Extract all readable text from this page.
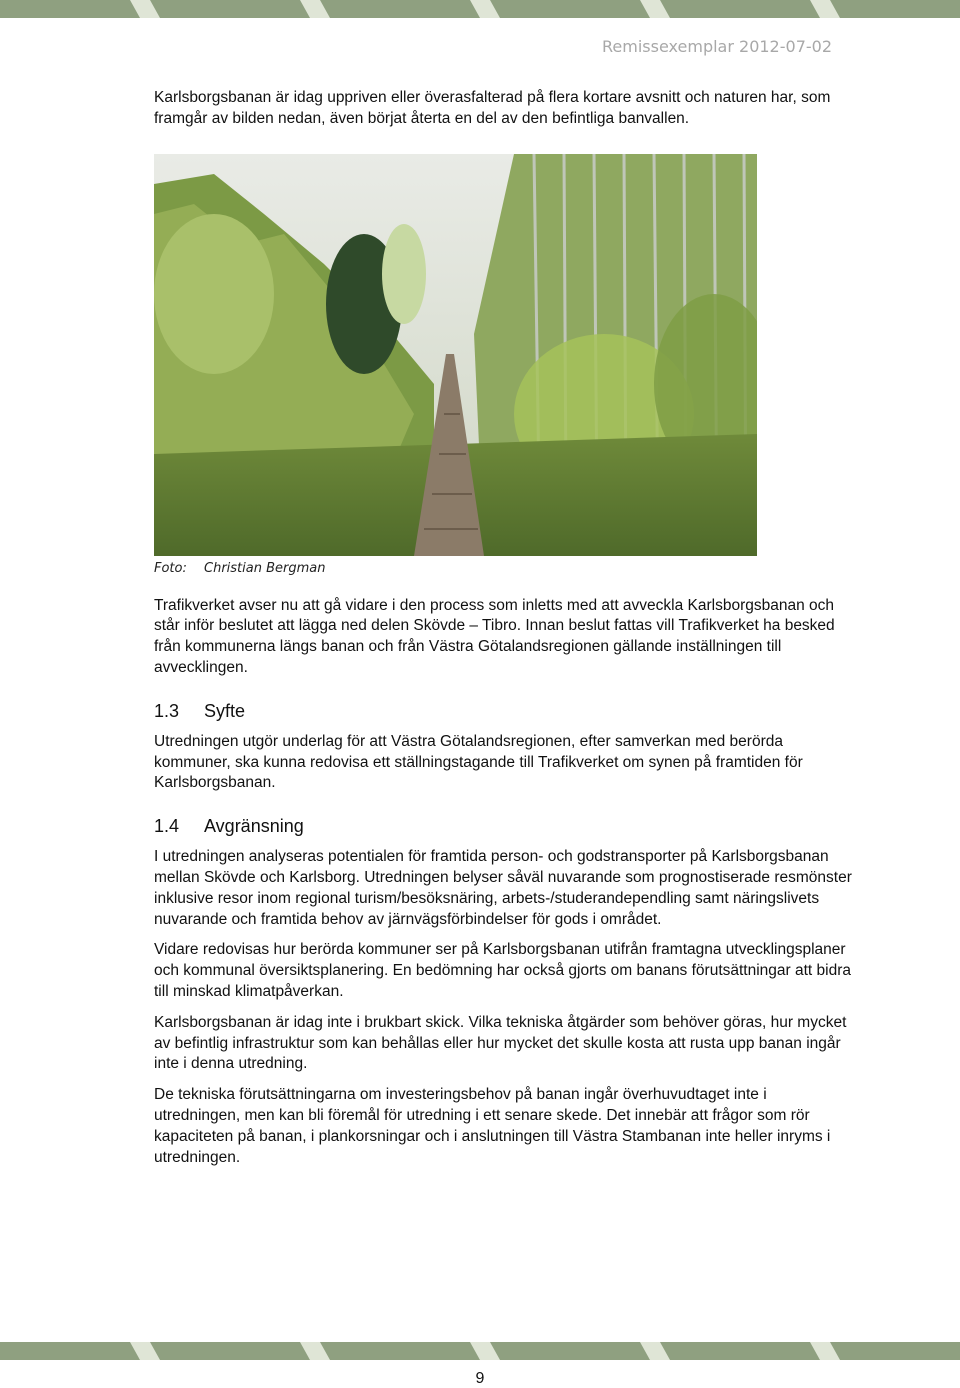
Remissexemplar 2012-07-02

Karlsborgsbanan är idag uppriven eller överasfalterad på flera kortare avsnitt och naturen har, som framgår av bilden nedan, även börjat återta en del av den befintliga banvallen.

Foto: Christian Bergman

Trafikverket avser nu att gå vidare i den process som inletts med att avveckla Karlsborgsbanan och står inför beslutet att lägga ned delen Skövde – Tibro. Innan beslut fattas vill Trafikverket ha besked från kommunerna längs banan och från Västra Götalandsregionen gällande inställningen till avvecklingen.

1.3 Syfte

Utredningen utgör underlag för att Västra Götalandsregionen, efter samverkan med berörda kommuner, ska kunna redovisa ett ställningstagande till Trafikverket om synen på framtiden för Karlsborgsbanan.

1.4 Avgränsning

I utredningen analyseras potentialen för framtida person- och godstransporter på Karlsborgsbanan mellan Skövde och Karlsborg. Utredningen belyser såväl nuvarande som prognostiserade resmönster inklusive resor inom regional turism/besöksnäring, arbets-/studerandependling samt näringslivets nuvarande och framtida behov av järnvägsförbindelser för gods i området.

Vidare redovisas hur berörda kommuner ser på Karlsborgsbanan utifrån framtagna utvecklingsplaner och kommunal översiktsplanering. En bedömning har också gjorts om banans förutsättningar att bidra till minskad klimatpåverkan.

Karlsborgsbanan är idag inte i brukbart skick. Vilka tekniska åtgärder som behöver göras, hur mycket av befintlig infrastruktur som kan behållas eller hur mycket det skulle kosta att rusta upp banan ingår inte i denna utredning.

De tekniska förutsättningarna om investeringsbehov på banan ingår överhuvudtaget inte i utredningen, men kan bli föremål för utredning i ett senare skede. Det innebär att frågor som rör kapaciteten på banan, i plankorsningar och i anslutningen till Västra Stambanan inte heller inryms i utredningen.

9
